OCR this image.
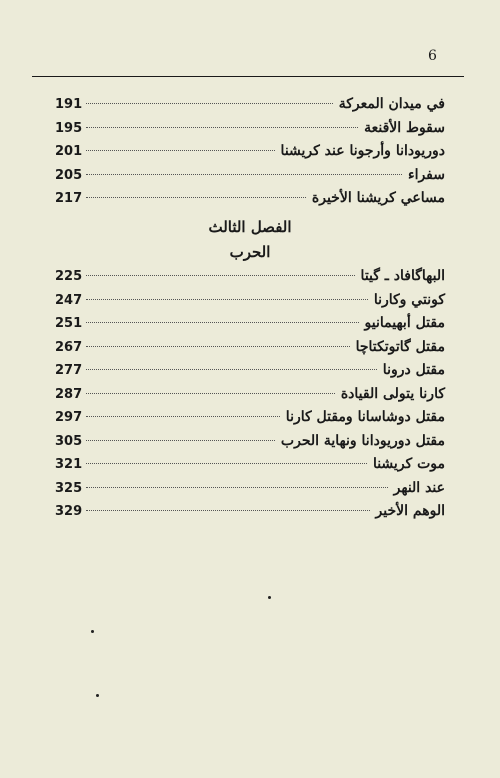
6
في ميدان المعركة
191
سقوط الأقنعة
195
دوريودانا وأرجونا عند كريشنا
201
سفراء
205
مساعي كريشنا الأخيرة
217
الفصل الثالث
الحرب
البهاگافاد ـ گيتا
225
كونتي وكارنا
247
مقتل أبهيمانيو
251
مقتل گاتوتكتاچا
267
مقتل درونا
277
كارنا يتولى القيادة
287
مقتل دوشاسانا ومقتل كارنا
297
مقتل دوريودانا ونهاية الحرب
305
موت كريشنا
321
عند النهر
325
الوهم الأخير
329
